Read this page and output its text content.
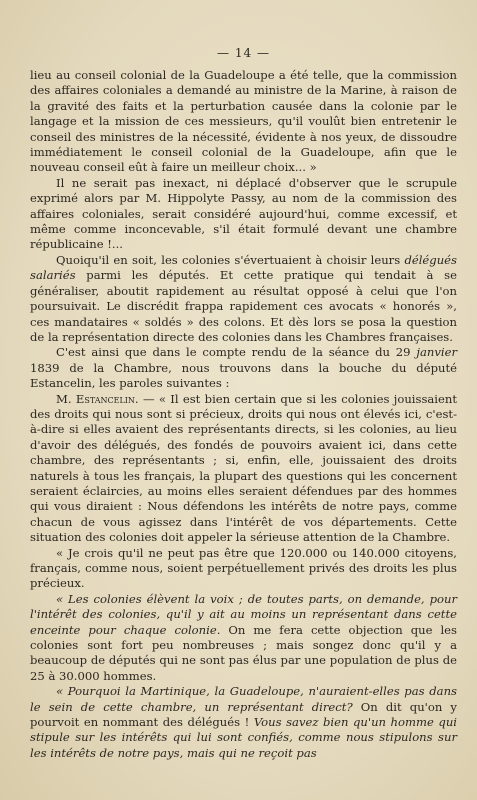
— 14 —

lieu au conseil colonial de la Guadeloupe a été telle, que la commission des affaires coloniales a demandé au ministre de la Marine, à raison de la gravité des faits et la perturbation causée dans la colonie par le langage et la mission de ces messieurs, qu'il voulût bien entretenir le conseil des ministres de la nécessité, évidente à nos yeux, de dissoudre immédiatement le conseil colonial de la Guadeloupe, afin que le nouveau conseil eût à faire un meilleur choix... »

Il ne serait pas inexact, ni déplacé d'observer que le scrupule exprimé alors par M. Hippolyte Passy, au nom de la commission des affaires coloniales, serait considéré aujourd'hui, comme excessif, et même comme inconcevable, s'il était formulé devant une chambre républicaine !...

Quoiqu'il en soit, les colonies s'évertuaient à choisir leurs délégués salariés parmi les députés. Et cette pratique qui tendait à se généraliser, aboutit rapidement au résultat opposé à celui que l'on poursuivait. Le discrédit frappa rapidement ces avocats « honorés », ces mandataires « soldés » des colons. Et dès lors se posa la question de la représentation directe des colonies dans les Chambres françaises.

C'est ainsi que dans le compte rendu de la séance du 29 janvier 1839 de la Chambre, nous trouvons dans la bouche du député Estancelin, les paroles suivantes :

M. Estancelin. — « Il est bien certain que si les colonies jouissaient des droits qui nous sont si précieux, droits qui nous ont élevés ici, c'est-à-dire si elles avaient des représentants directs, si les colonies, au lieu d'avoir des délégués, des fondés de pouvoirs avaient ici, dans cette chambre, des représentants ; si, enfin, elle, jouissaient des droits naturels à tous les français, la plupart des questions qui les concernent seraient éclaircies, au moins elles seraient défendues par des hommes qui vous diraient : Nous défendons les intérêts de notre pays, comme chacun de vous agissez dans l'intérêt de vos départements. Cette situation des colonies doit appeler la sérieuse attention de la Chambre.

« Je crois qu'il ne peut pas être que 120.000 ou 140.000 citoyens, français, comme nous, soient perpétuellement privés des droits les plus précieux.

« Les colonies élèvent la voix ; de toutes parts, on demande, pour l'intérêt des colonies, qu'il y ait au moins un représentant dans cette enceinte pour chaque colonie. On me fera cette objection que les colonies sont fort peu nombreuses ; mais songez donc qu'il y a beaucoup de députés qui ne sont pas élus par une population de plus de 25 à 30.000 hommes.

« Pourquoi la Martinique, la Guadeloupe, n'auraient-elles pas dans le sein de cette chambre, un représentant direct? On dit qu'on y pourvoit en nommant des délégués ! Vous savez bien qu'un homme qui stipule sur les intérêts qui lui sont confiés, comme nous stipulons sur les intérêts de notre pays, mais qui ne reçoit pas
